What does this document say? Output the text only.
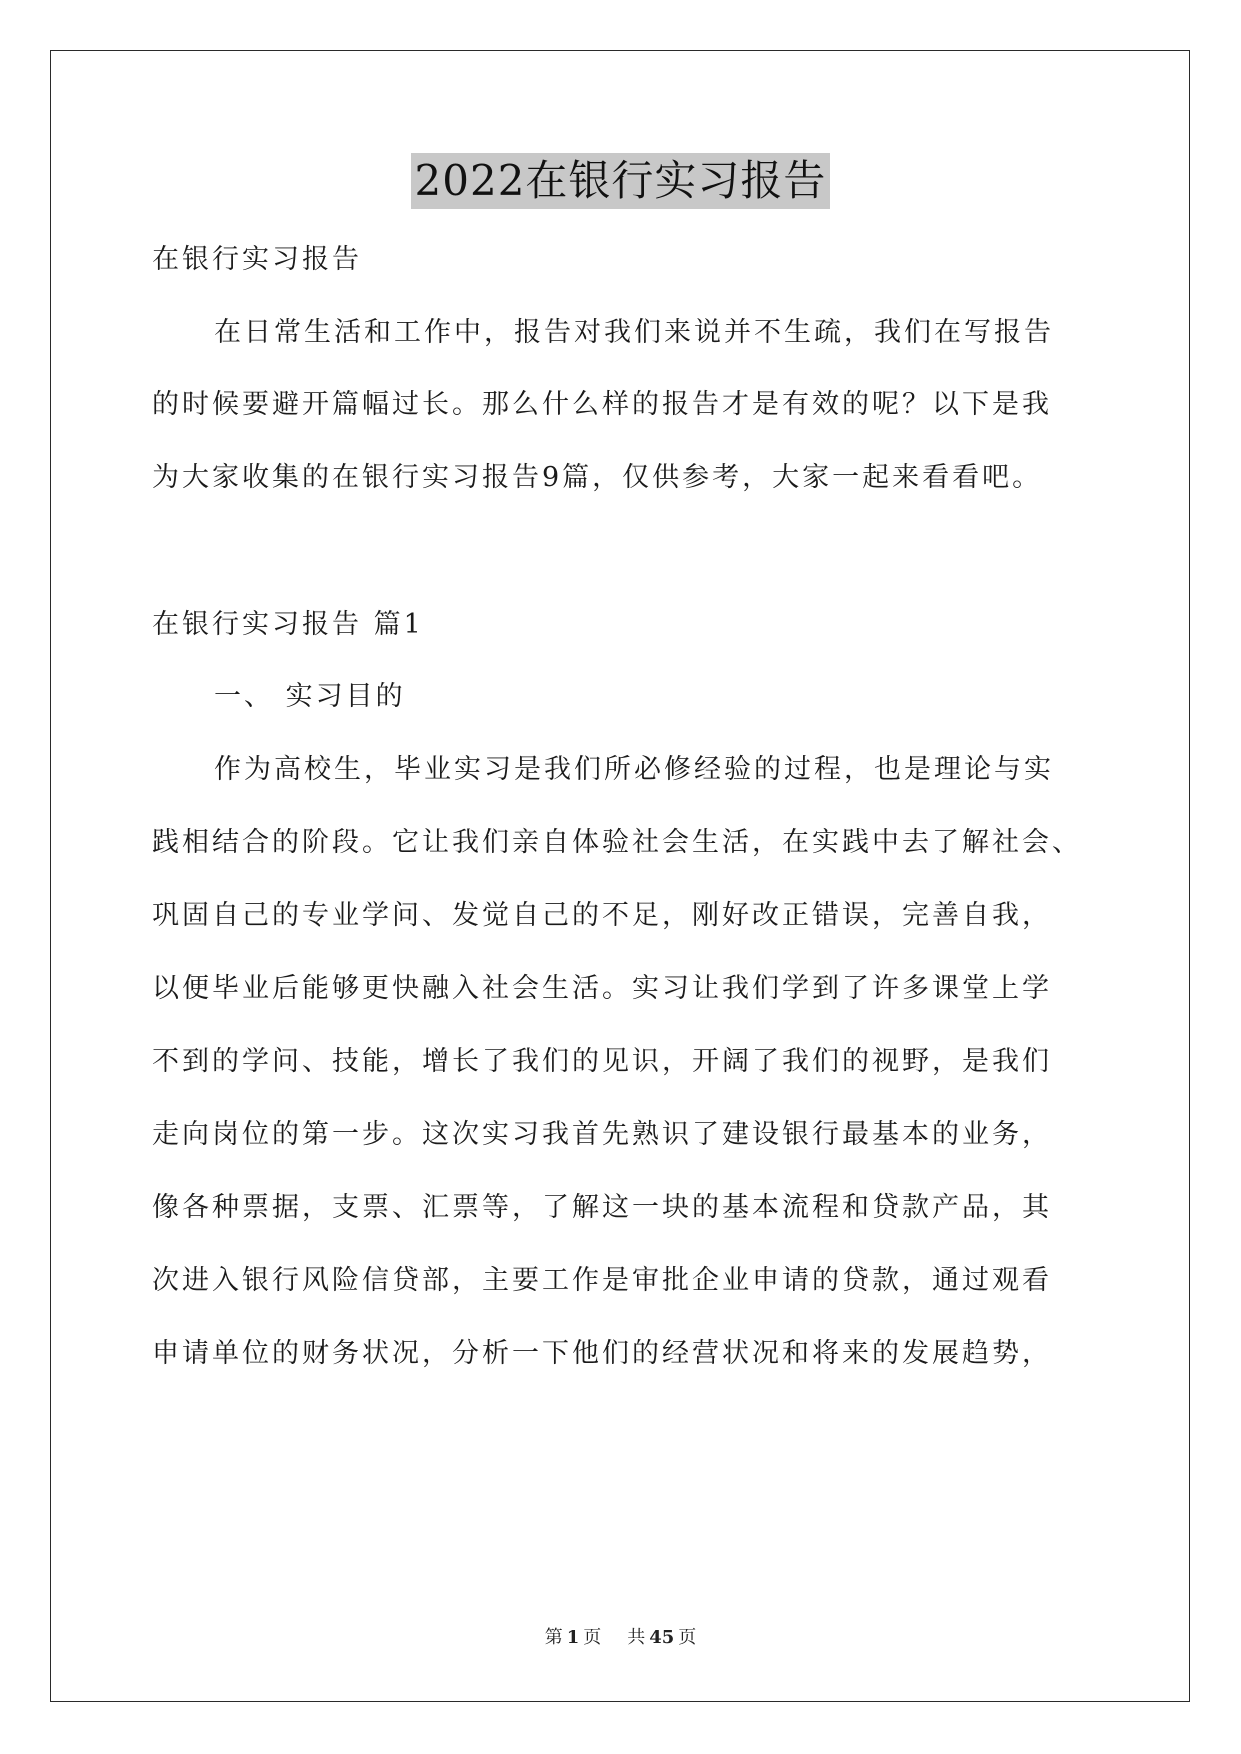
2022在银行实习报告
在银行实习报告
在日常生活和工作中，报告对我们来说并不生疏，我们在写报告
的时候要避开篇幅过长。那么什么样的报告才是有效的呢？以下是我
为大家收集的在银行实习报告9篇，仅供参考，大家一起来看看吧。
在银行实习报告 篇1
一、 实习目的
作为高校生，毕业实习是我们所必修经验的过程，也是理论与实
践相结合的阶段。它让我们亲自体验社会生活，在实践中去了解社会、
巩固自己的专业学问、发觉自己的不足，刚好改正错误，完善自我，
以便毕业后能够更快融入社会生活。实习让我们学到了许多课堂上学
不到的学问、技能，增长了我们的见识，开阔了我们的视野，是我们
走向岗位的第一步。这次实习我首先熟识了建设银行最基本的业务，
像各种票据，支票、汇票等，了解这一块的基本流程和贷款产品，其
次进入银行风险信贷部，主要工作是审批企业申请的贷款，通过观看
申请单位的财务状况，分析一下他们的经营状况和将来的发展趋势，
第 1 页 共 45 页
